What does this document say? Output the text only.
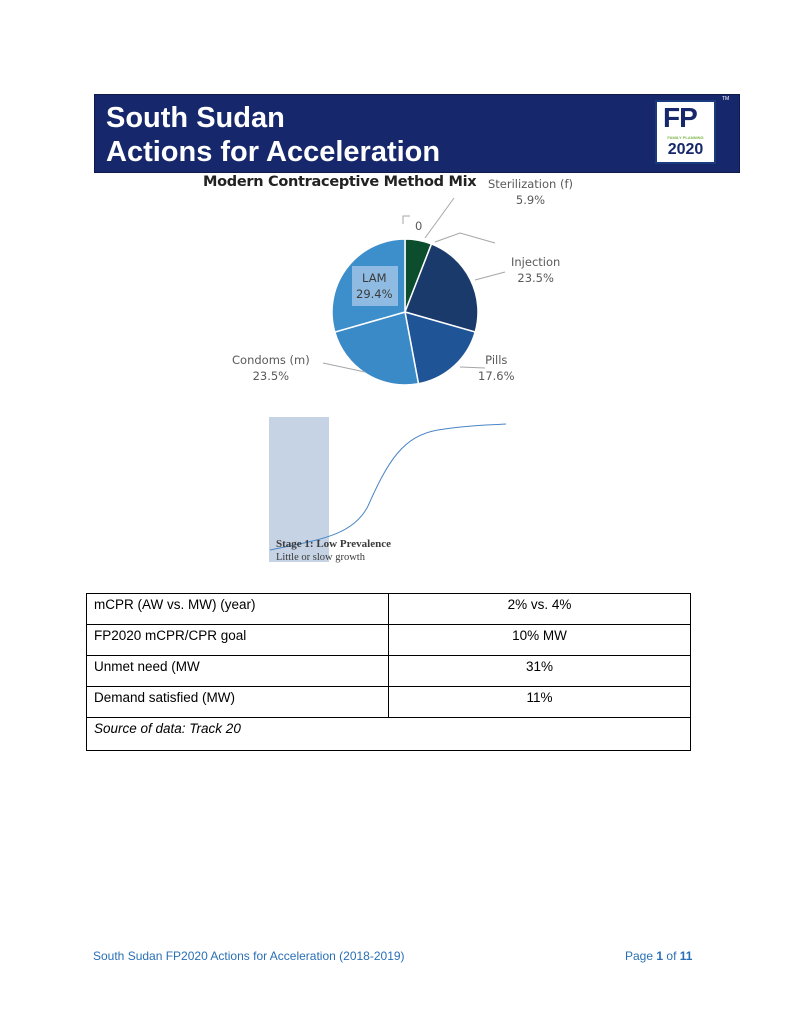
South Sudan
Actions for Acceleration
FP
FAMILY PLANNING
2020
TM
Modern Contraceptive Method Mix
0
Sterilization (f)
5.9%
Injection
23.5%
Pills
17.6%
Condoms (m)
23.5%
LAM
29.4%
Stage 1: Low Prevalence
Little or slow growth
mCPR (AW vs. MW) (year)	2% vs. 4%
FP2020 mCPR/CPR goal	10% MW
Unmet need (MW	31%
Demand satisfied (MW)	11%
Source of data: Track 20	
South Sudan FP2020 Actions for Acceleration (2018-2019)	Page 1 of 11
